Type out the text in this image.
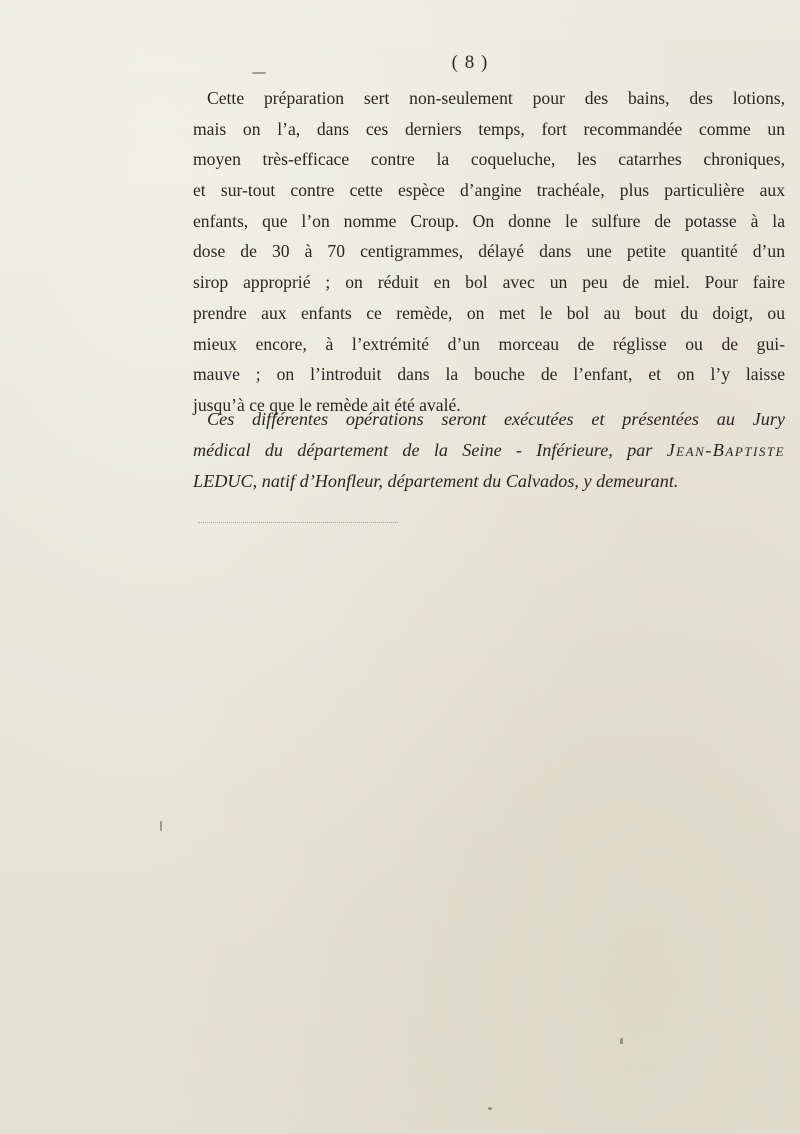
( 8 )
Cette préparation sert non-seulement pour des bains, des lotions,
mais on l’a, dans ces derniers temps, fort recommandée comme un
moyen très-efficace contre la coqueluche, les catarrhes chroniques,
et sur-tout contre cette espèce d’angine trachéale, plus particulière aux
enfants, que l’on nomme Croup. On donne le sulfure de potasse à la
dose de 30 à 70 centigrammes, délayé dans une petite quantité d’un
sirop approprié ; on réduit en bol avec un peu de miel. Pour faire
prendre aux enfants ce remède, on met le bol au bout du doigt, ou
mieux encore, à l’extrémité d’un morceau de réglisse ou de gui-
mauve ; on l’introduit dans la bouche de l’enfant, et on l’y laisse
jusqu’à ce que le remède ait été avalé.
Ces différentes opérations seront exécutées et présentées au Jury
médical du département de la Seine - Inférieure, par Jean-Baptiste
LEDUC, natif d’Honfleur, département du Calvados, y demeurant.
